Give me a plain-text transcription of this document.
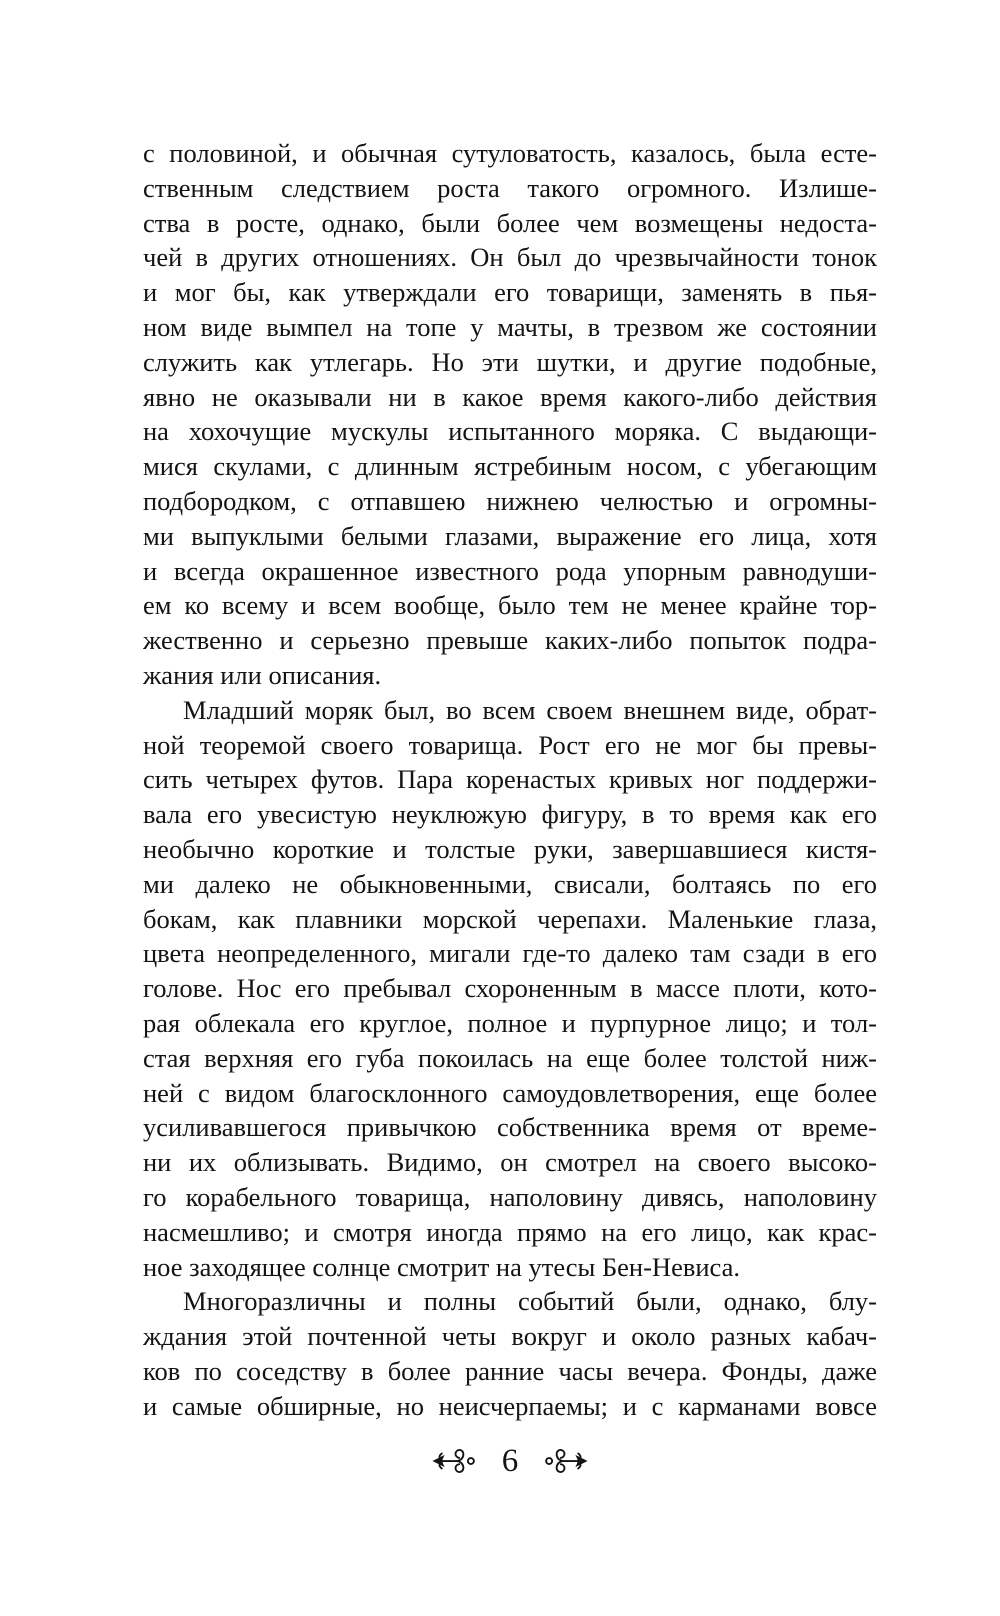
с половиной, и обычная сутуловатость, казалось, была есте-
ственным следствием роста такого огромного. Излише-
ства в росте, однако, были более чем возмещены недоста-
чей в других отношениях. Он был до чрезвычайности тонок
и мог бы, как утверждали его товарищи, заменять в пья-
ном виде вымпел на топе у мачты, в трезвом же состоянии
служить как утлегарь. Но эти шутки, и другие подобные,
явно не оказывали ни в какое время какого-либо действия
на хохочущие мускулы испытанного моряка. С выдающи-
мися скулами, с длинным ястребиным носом, с убегающим
подбородком, с отпавшею нижнею челюстью и огромны-
ми выпуклыми белыми глазами, выражение его лица, хотя
и всегда окрашенное известного рода упорным равнодуши-
ем ко всему и всем вообще, было тем не менее крайне тор-
жественно и серьезно превыше каких-либо попыток подра-
жания или описания.
Младший моряк был, во всем своем внешнем виде, обрат-
ной теоремой своего товарища. Рост его не мог бы превы-
сить четырех футов. Пара коренастых кривых ног поддержи-
вала его увесистую неуклюжую фигуру, в то время как его
необычно короткие и толстые руки, завершавшиеся кистя-
ми далеко не обыкновенными, свисали, болтаясь по его
бокам, как плавники морской черепахи. Маленькие глаза,
цвета неопределенного, мигали где-то далеко там сзади в его
голове. Нос его пребывал схороненным в массе плоти, кото-
рая облекала его круглое, полное и пурпурное лицо; и тол-
стая верхняя его губа покоилась на еще более толстой ниж-
ней с видом благосклонного самоудовлетворения, еще более
усиливавшегося привычкою собственника время от време-
ни их облизывать. Видимо, он смотрел на своего высоко-
го корабельного товарища, наполовину дивясь, наполовину
насмешливо; и смотря иногда прямо на его лицо, как крас-
ное заходящее солнце смотрит на утесы Бен-Невиса.
Многоразличны и полны событий были, однако, блу-
ждания этой почтенной четы вокруг и около разных кабач-
ков по соседству в более ранние часы вечера. Фонды, даже
и самые обширные, но неисчерпаемы; и с карманами вовсе
6
